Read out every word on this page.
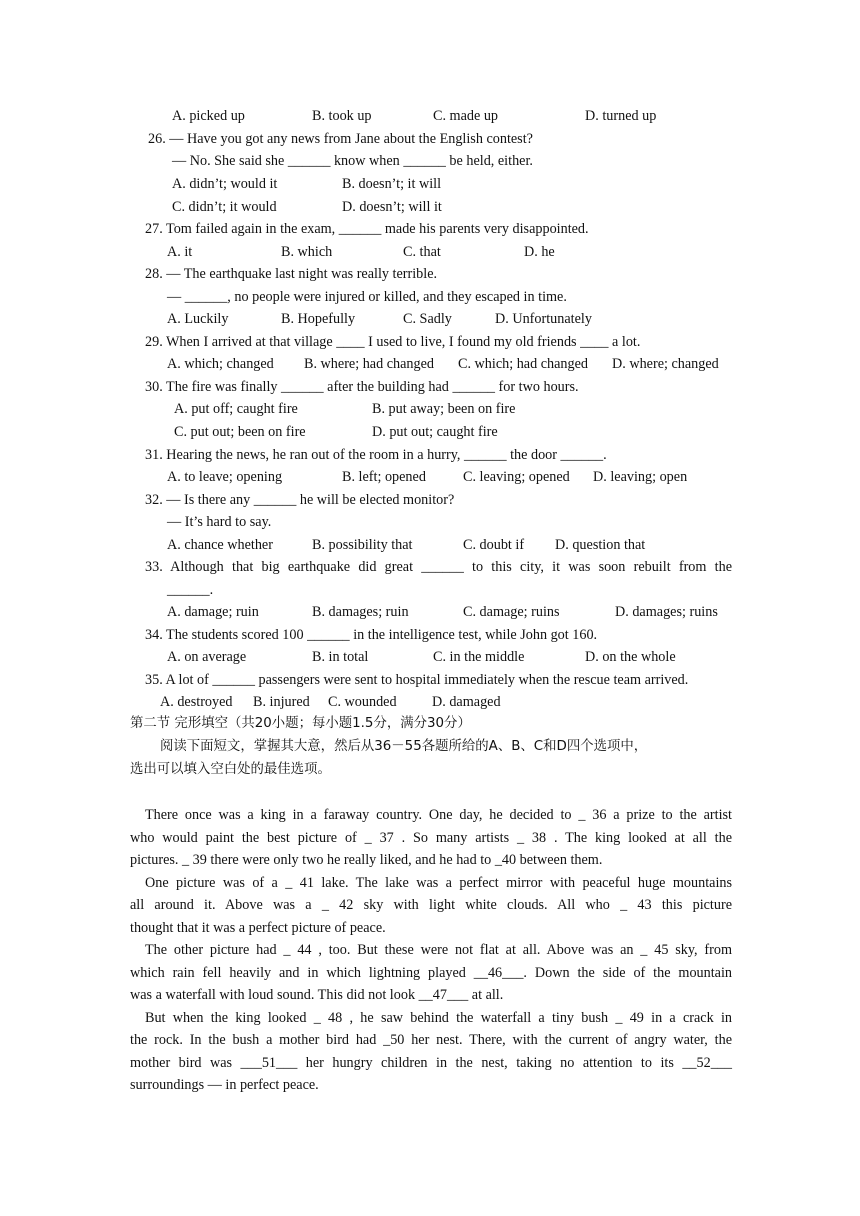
A. picked up	B. took up	C. made up	D. turned up
26. — Have you got any news from Jane about the English contest?
— No. She said she ______ know when ______ be held, either.
A. didn’t; would it	B. doesn’t; it will
C. didn’t; it would	D. doesn’t; will it
27. Tom failed again in the exam, ______ made his parents very disappointed.
A. it	B. which	C. that	D. he
28. — The earthquake last night was really terrible.
— ______, no people were injured or killed, and they escaped in time.
A. Luckily	B. Hopefully	C. Sadly	D. Unfortunately
29. When I arrived at that village ____ I used to live, I found my old friends ____ a lot.
A. which; changed B. where; had changed C. which; had changed D. where; changed
30. The fire was finally ______ after the building had ______ for two hours.
A. put off; caught fire	B. put away; been on fire
C. put out; been on fire	D. put out; caught fire
31. Hearing the news, he ran out of the room in a hurry, ______ the door ______.
A. to leave; opening	B. left; opened	C. leaving; opened D. leaving; open
32. — Is there any ______ he will be elected monitor?
— It’s hard to say.
A. chance whether	B. possibility that	C. doubt if D. question that
33. Although that big earthquake did great ______ to this city, it was soon rebuilt from the
______.
A. damage; ruin	B. damages; ruin	C. damage; ruins	D. damages; ruins
34. The students scored 100 ______ in the intelligence test, while John got 160.
A. on average	B. in total	C. in the middle	D. on the whole
35. A lot of ______ passengers were sent to hospital immediately when the rescue team arrived.
A. destroyed B. injured C. wounded D. damaged
第二节 完形填空（共20小题；每小题1.5分，满分30分）
阅读下面短文，掌握其大意，然后从36－55各题所给的A、B、C和D四个选项中，
选出可以填入空白处的最佳选项。
There once was a king in a faraway country. One day, he decided to _ 36 a prize to the artist
who would paint the best picture of _ 37 . So many artists _ 38 . The king looked at all the
pictures. _ 39 there were only two he really liked, and he had to _40 between them.
One picture was of a _ 41 lake. The lake was a perfect mirror with peaceful huge mountains
all around it. Above was a _ 42 sky with light white clouds. All who _ 43 this picture
thought that it was a perfect picture of peace.
The other picture had _ 44 , too. But these were not flat at all. Above was an _ 45 sky, from
which rain fell heavily and in which lightning played __46___. Down the side of the mountain
was a waterfall with loud sound. This did not look __47___ at all.
But when the king looked _ 48 , he saw behind the waterfall a tiny bush _ 49 in a crack in
the rock. In the bush a mother bird had _50 her nest. There, with the current of angry water, the
mother bird was ___51___ her hungry children in the nest, taking no attention to its __52___
surroundings — in perfect peace.
